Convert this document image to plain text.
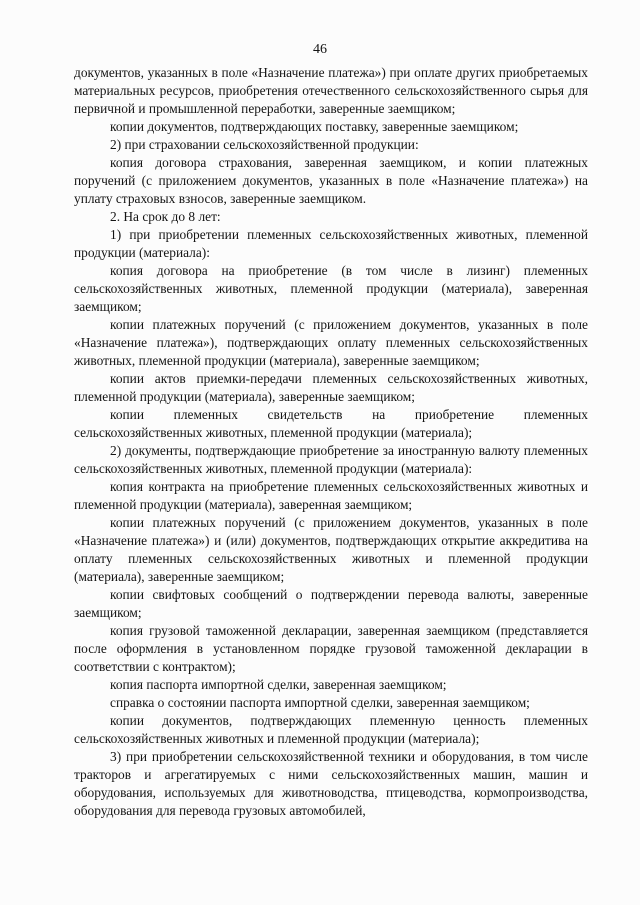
46

документов, указанных в поле «Назначение платежа») при оплате других приобретаемых материальных ресурсов, приобретения отечественного сельскохозяйственного сырья для первичной и промышленной переработки, заверенные заемщиком;

копии документов, подтверждающих поставку, заверенные заемщиком;

2) при страховании сельскохозяйственной продукции:

копия договора страхования, заверенная заемщиком, и копии платежных поручений (с приложением документов, указанных в поле «Назначение платежа») на уплату страховых взносов, заверенные заемщиком.

2. На срок до 8 лет:

1) при приобретении племенных сельскохозяйственных животных, племенной продукции (материала):

копия договора на приобретение (в том числе в лизинг) племенных сельскохозяйственных животных, племенной продукции (материала), заверенная заемщиком;

копии платежных поручений (с приложением документов, указанных в поле «Назначение платежа»), подтверждающих оплату племенных сельскохозяйственных животных, племенной продукции (материала), заверенные заемщиком;

копии актов приемки-передачи племенных сельскохозяйственных животных, племенной продукции (материала), заверенные заемщиком;

копии племенных свидетельств на приобретение племенных сельскохозяйственных животных, племенной продукции (материала);

2) документы, подтверждающие приобретение за иностранную валюту племенных сельскохозяйственных животных, племенной продукции (материала):

копия контракта на приобретение племенных сельскохозяйственных животных и племенной продукции (материала), заверенная заемщиком;

копии платежных поручений (с приложением документов, указанных в поле «Назначение платежа») и (или) документов, подтверждающих открытие аккредитива на оплату племенных сельскохозяйственных животных и племенной продукции (материала), заверенные заемщиком;

копии свифтовых сообщений о подтверждении перевода валюты, заверенные заемщиком;

копия грузовой таможенной декларации, заверенная заемщиком (представляется после оформления в установленном порядке грузовой таможенной декларации в соответствии с контрактом);

копия паспорта импортной сделки, заверенная заемщиком;

справка о состоянии паспорта импортной сделки, заверенная заемщиком;

копии документов, подтверждающих племенную ценность племенных сельскохозяйственных животных и племенной продукции (материала);

3) при приобретении сельскохозяйственной техники и оборудования, в том числе тракторов и агрегатируемых с ними сельскохозяйственных машин, машин и оборудования, используемых для животноводства, птицеводства, кормопроизводства, оборудования для перевода грузовых автомобилей,
